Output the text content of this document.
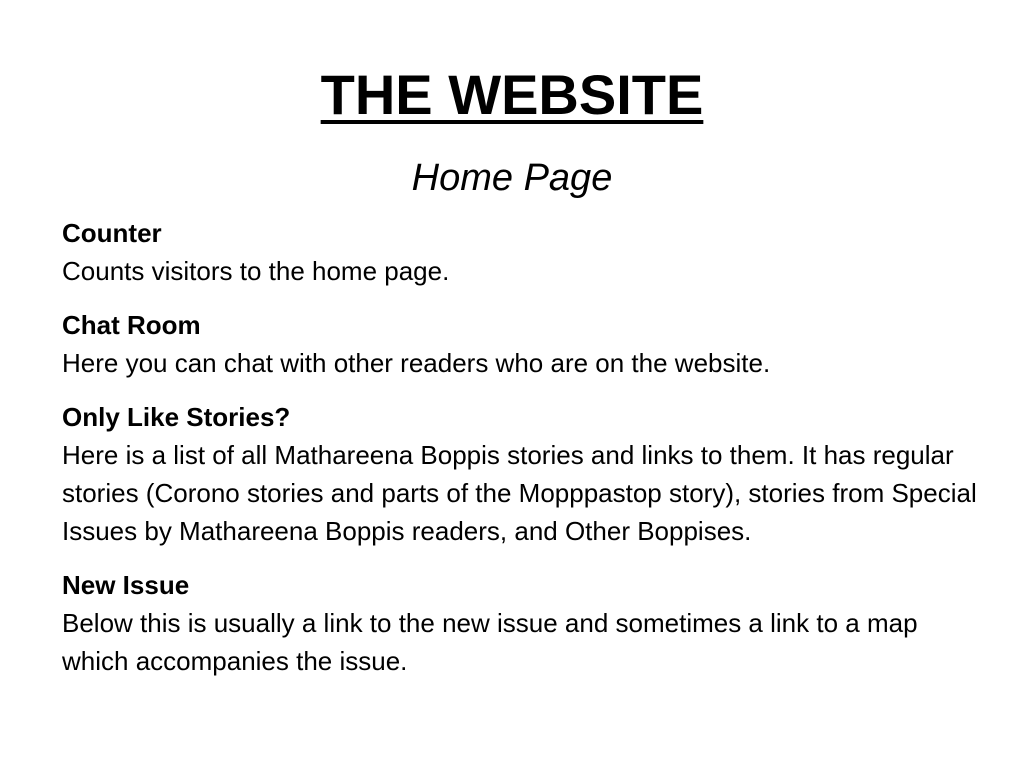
THE WEBSITE

Home Page

Counter

Counts visitors to the home page.

Chat Room

Here you can chat with other readers who are on the website.

Only Like Stories?

Here is a list of all Mathareena Boppis stories and links to them. It has regular stories (Corono stories and parts of the Mopppastop story), stories from Special Issues by Mathareena Boppis readers, and Other Boppises.

New Issue

Below this is usually a link to the new issue and sometimes a link to a map which accompanies the issue.
